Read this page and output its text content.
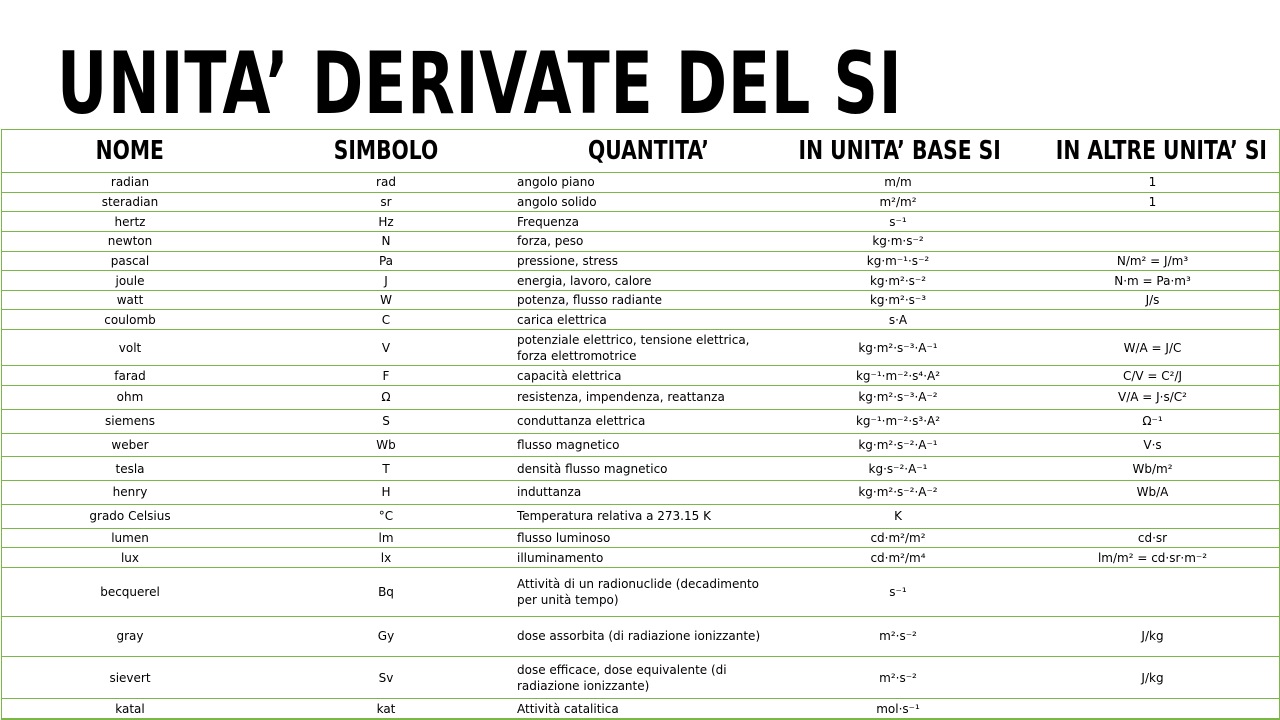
UNITA’ DERIVATE DEL SI
NOME	SIMBOLO	QUANTITA’	IN UNITA’ BASE SI	IN ALTRE UNITA’ SI
radian	rad	angolo piano	m/m	1
steradian	sr	angolo solido	m²/m²	1
hertz	Hz	Frequenza	s⁻¹	
newton	N	forza, peso	kg·m·s⁻²	
pascal	Pa	pressione, stress	kg·m⁻¹·s⁻²	N/m² = J/m³
joule	J	energia, lavoro, calore	kg·m²·s⁻²	N·m = Pa·m³
watt	W	potenza, flusso radiante	kg·m²·s⁻³	J/s
coulomb	C	carica elettrica	s·A	
volt	V	potenziale elettrico, tensione elettrica, forza elettromotrice	kg·m²·s⁻³·A⁻¹	W/A = J/C
farad	F	capacità elettrica	kg⁻¹·m⁻²·s⁴·A²	C/V = C²/J
ohm	Ω	resistenza, impendenza, reattanza	kg·m²·s⁻³·A⁻²	V/A = J·s/C²
siemens	S	conduttanza elettrica	kg⁻¹·m⁻²·s³·A²	Ω⁻¹
weber	Wb	flusso magnetico	kg·m²·s⁻²·A⁻¹	V·s
tesla	T	densità flusso magnetico	kg·s⁻²·A⁻¹	Wb/m²
henry	H	induttanza	kg·m²·s⁻²·A⁻²	Wb/A
grado Celsius	°C	Temperatura relativa a 273.15 K	K	
lumen	lm	flusso luminoso	cd·m²/m²	cd·sr
lux	lx	illuminamento	cd·m²/m⁴	lm/m² = cd·sr·m⁻²
becquerel	Bq	Attività di un radionuclide (decadimento per unità tempo)	s⁻¹	
gray	Gy	dose assorbita (di radiazione ionizzante)	m²·s⁻²	J/kg
sievert	Sv	dose efficace, dose equivalente (di radiazione ionizzante)	m²·s⁻²	J/kg
katal	kat	Attività catalitica	mol·s⁻¹	
